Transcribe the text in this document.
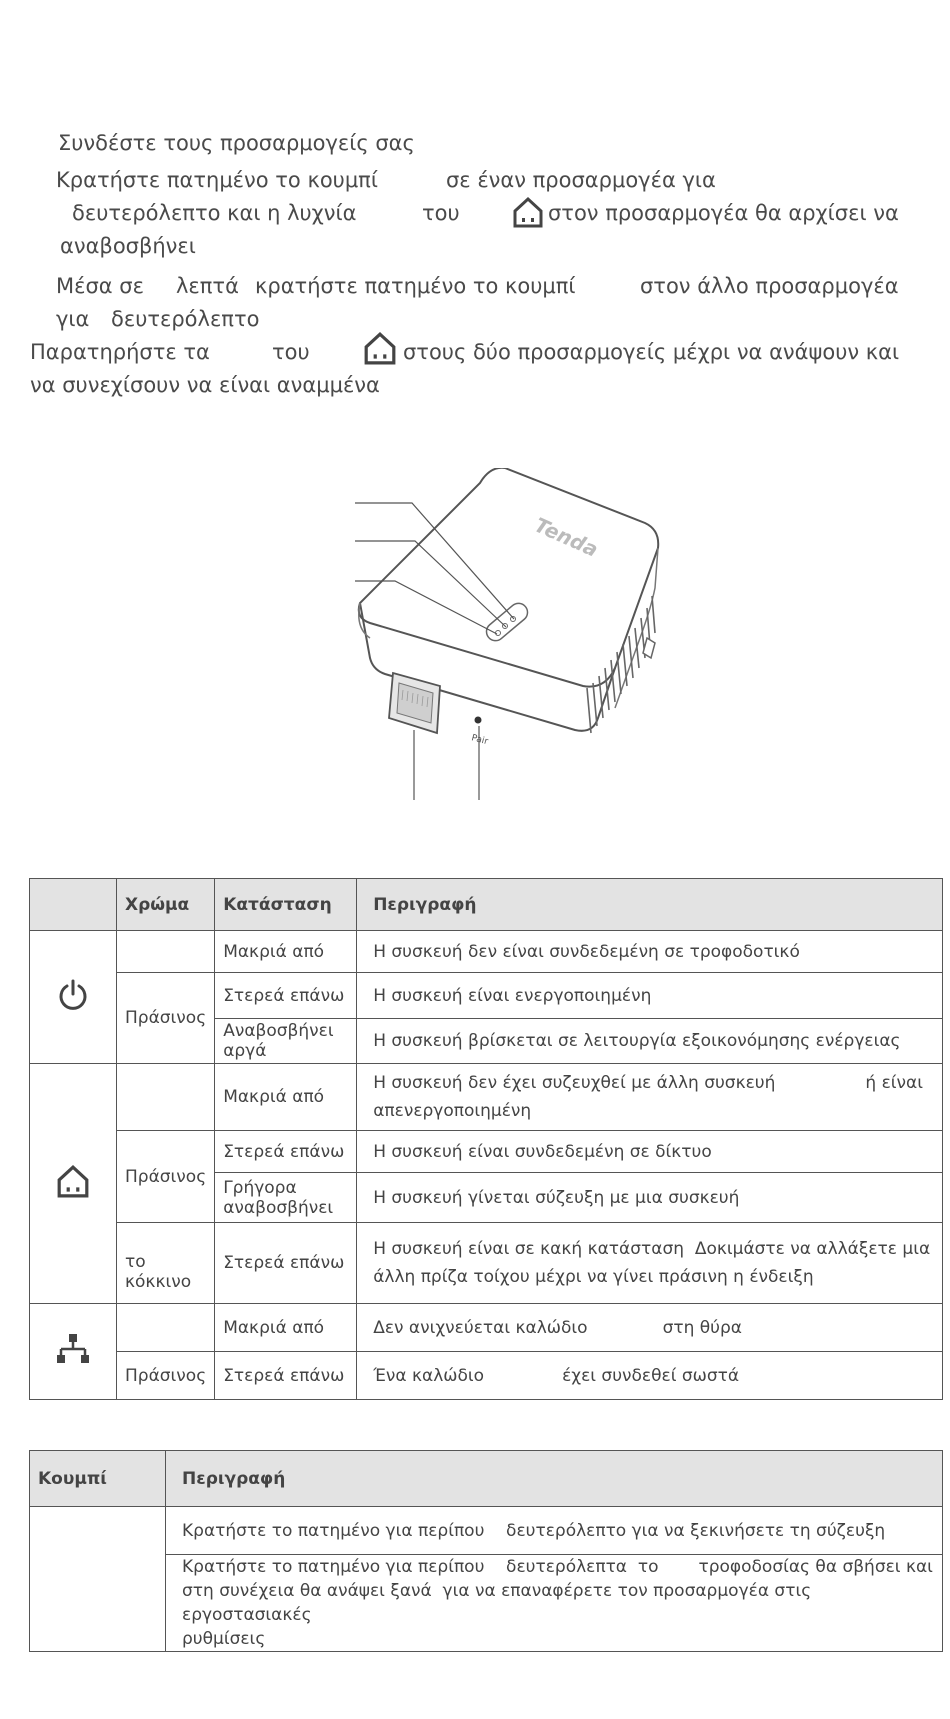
Συνδέστε τους προσαρμογείς σας

Κρατήστε πατημένο το κουμπί	σε έναν προσαρμογέα για

δευτερόλεπτο και η λυχνία	του	στον προσαρμογέα θα αρχίσει να

αναβοσβήνει

Μέσα σε λεπτά κρατήστε πατημένο το κουμπί	στον άλλο προσαρμογέα

για δευτερόλεπτο

Παρατηρήστε τα	του	στους δύο προσαρμογείς μέχρι να ανάψουν και

να συνεχίσουν να είναι αναμμένα

Tenda
Pair
	Χρώμα	Κατάσταση	Περιγραφή
		Μακριά από	Η συσκευή δεν είναι συνδεδεμένη σε τροφοδοτικό
	Πράσινος	Στερεά επάνω	Η συσκευή είναι ενεργοποιημένη
		Αναβοσβήνει αργά	Η συσκευή βρίσκεται σε λειτουργία εξοικονόμησης ενέργειας
		Μακριά από	Η συσκευή δεν έχει συζευχθεί με άλλη συσκευή ή είναι
απενεργοποιημένη
	Πράσινος	Στερεά επάνω	Η συσκευή είναι συνδεδεμένη σε δίκτυο
		Γρήγορα αναβοσβήνει	Η συσκευή γίνεται σύζευξη με μια συσκευή
	το κόκκινο	Στερεά επάνω	Η συσκευή είναι σε κακή κατάσταση Δοκιμάστε να αλλάξετε μια
άλλη πρίζα τοίχου μέχρι να γίνει πράσινη η ένδειξη
		Μακριά από	Δεν ανιχνεύεται καλώδιο στη θύρα
	Πράσινος	Στερεά επάνω	Ένα καλώδιο έχει συνδεθεί σωστά
Κουμπί	Περιγραφή
	Κρατήστε το πατημένο για περίπου δευτερόλεπτο για να ξεκινήσετε τη σύζευξη
	Κρατήστε το πατημένο για περίπου δευτερόλεπτα το τροφοδοσίας θα σβήσει και
στη συνέχεια θα ανάψει ξανά για να επαναφέρετε τον προσαρμογέα στις εργοστασιακές
ρυθμίσεις
